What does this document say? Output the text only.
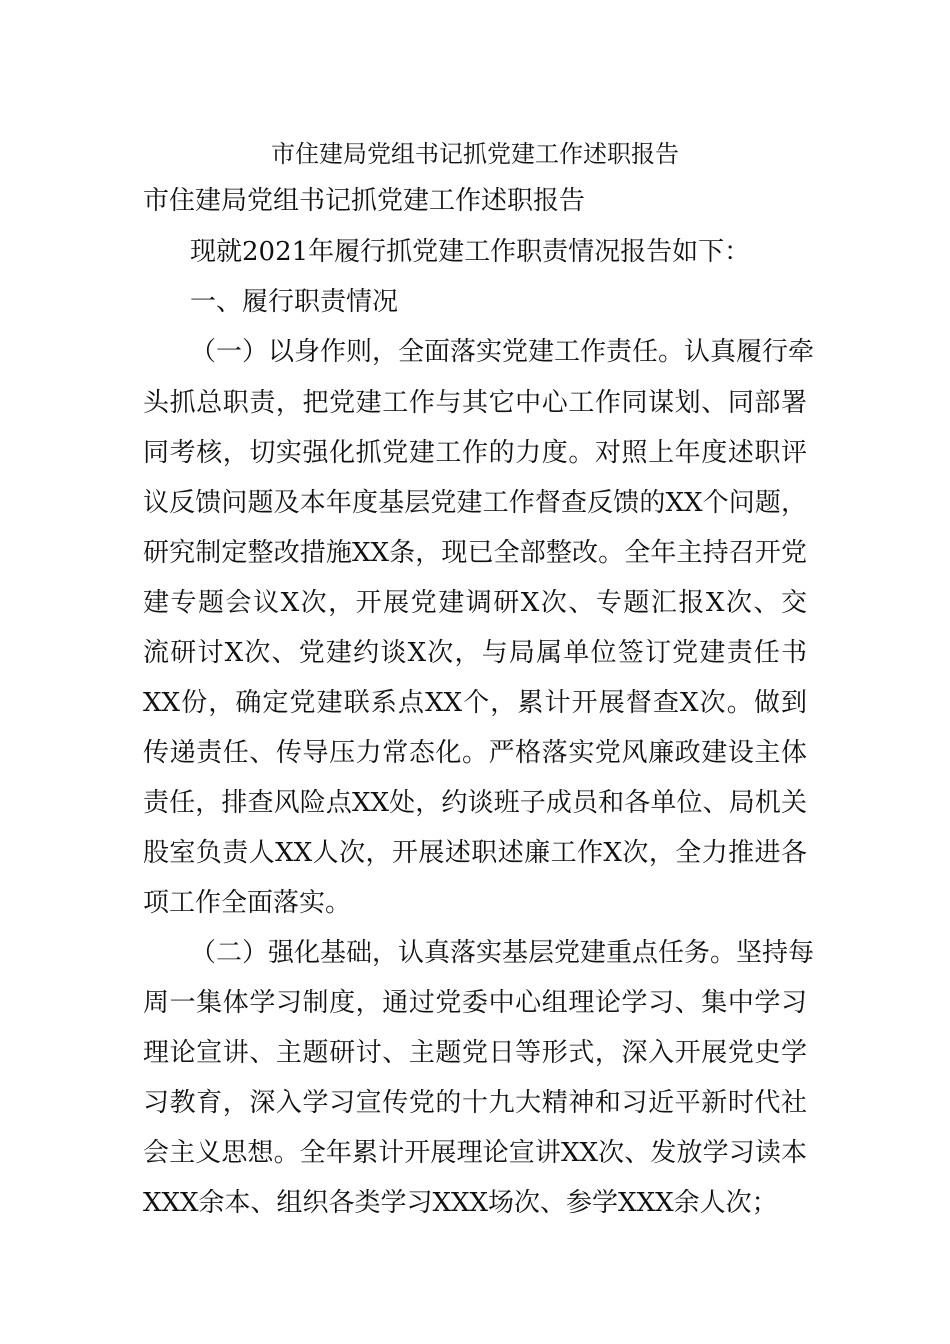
市住建局党组书记抓党建工作述职报告

市住建局党组书记抓党建工作述职报告

现就2021年履行抓党建工作职责情况报告如下：

一、履行职责情况

（一）以身作则，全面落实党建工作责任。认真履行牵

头抓总职责，把党建工作与其它中心工作同谋划、同部署

同考核，切实强化抓党建工作的力度。对照上年度述职评

议反馈问题及本年度基层党建工作督查反馈的XX个问题，

研究制定整改措施XX条，现已全部整改。全年主持召开党

建专题会议X次，开展党建调研X次、专题汇报X次、交

流研讨X次、党建约谈X次，与局属单位签订党建责任书

XX份，确定党建联系点XX个，累计开展督查X次。做到

传递责任、传导压力常态化。严格落实党风廉政建设主体

责任，排查风险点XX处，约谈班子成员和各单位、局机关

股室负责人XX人次，开展述职述廉工作X次，全力推进各

项工作全面落实。

（二）强化基础，认真落实基层党建重点任务。坚持每

周一集体学习制度，通过党委中心组理论学习、集中学习

理论宣讲、主题研讨、主题党日等形式，深入开展党史学

习教育，深入学习宣传党的十九大精神和习近平新时代社

会主义思想。全年累计开展理论宣讲XX次、发放学习读本

XXX余本、组织各类学习XXX场次、参学XXX余人次；
